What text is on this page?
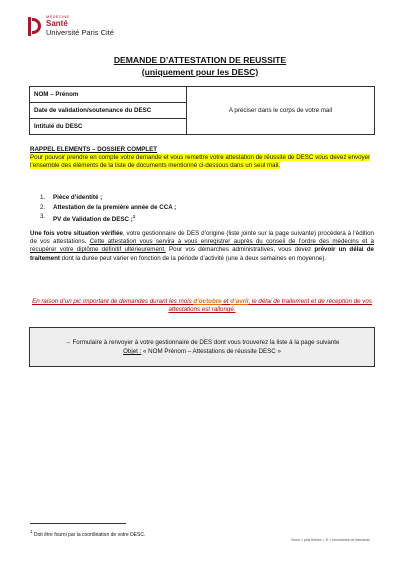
MÉDECINE
Santé
Université Paris Cité
DEMANDE D’ATTESTATION DE REUSSITE
(uniquement pour les DESC)
NOM – Prénom
Date de validation/soutenance du DESC
Intitulé du DESC
A préciser dans le corps de votre mail
RAPPEL ELEMENTS – DOSSIER COMPLET
Pour pouvoir prendre en compte votre demande et vous remettre votre attestation de réussite de DESC vous devez envoyer l’ensemble des éléments de la liste de documents mentionné ci-dessous dans un seul mail.
1. Pièce d’identité ;
2. Attestation de la première année de CCA ;
3. PV de Validation de DESC ;$^1$
Une fois votre situation vérifiée, votre gestionnaire de DES d’origine (liste jointe sur la page suivante) procèdera à l’édition de vos attestations. Cette attestation vous servira à vous enregistrer auprès du conseil de l’ordre des médecins et à récupérer votre diplôme définitif ultérieurement. Pour vos démarches administratives, vous devez prévoir un délai de traitement dont la durée peut varier en fonction de la période d’activité (une à deux semaines en moyenne).
En raison d’un pic important de demandes durant les mois d’octobre et d’avril, le délai de traitement et de réception de vos attestations est rallongé.
→ Formulaire à renvoyer à votre gestionnaire de DES dont vous trouverez la liste à la page suivante
Objet : « NOM Prénom – Attestations de réussite DESC »
$^1$ Doit être fourni par la coordination de votre DESC.
Scolo > pôle thèses > D > formulaires de demande
